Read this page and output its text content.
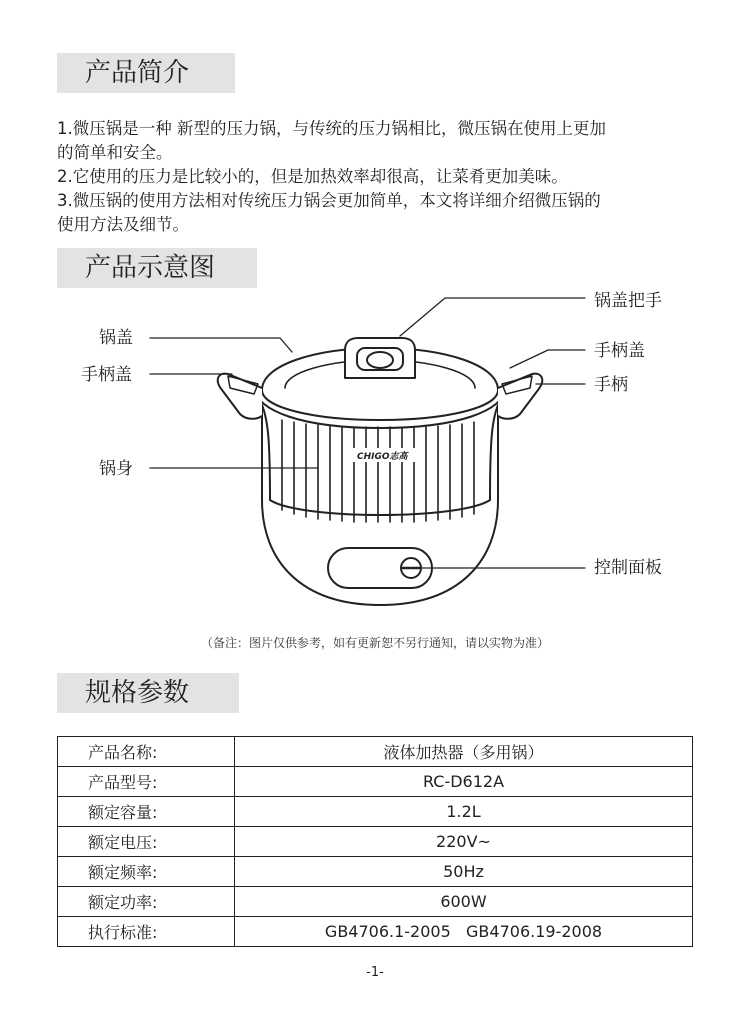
产品简介

1.微压锅是一种 新型的压力锅，与传统的压力锅相比，微压锅在使用上更加
的简单和安全。

2.它使用的压力是比较小的，但是加热效率却很高，让菜肴更加美味。

3.微压锅的使用方法相对传统压力锅会更加简单，本文将详细介绍微压锅的
使用方法及细节。

产品示意图
CHIGO志高
锅盖
手柄盖
锅身
锅盖把手
手柄盖
手柄
控制面板
（备注：图片仅供参考，如有更新恕不另行通知，请以实物为准）
规格参数
产品名称:	液体加热器（多用锅）
产品型号:	RC-D612A
额定容量:	1.2L
额定电压:	220V~
额定频率:	50Hz
额定功率:	600W
执行标准:	GB4706.1-2005   GB4706.19-2008
-1-
